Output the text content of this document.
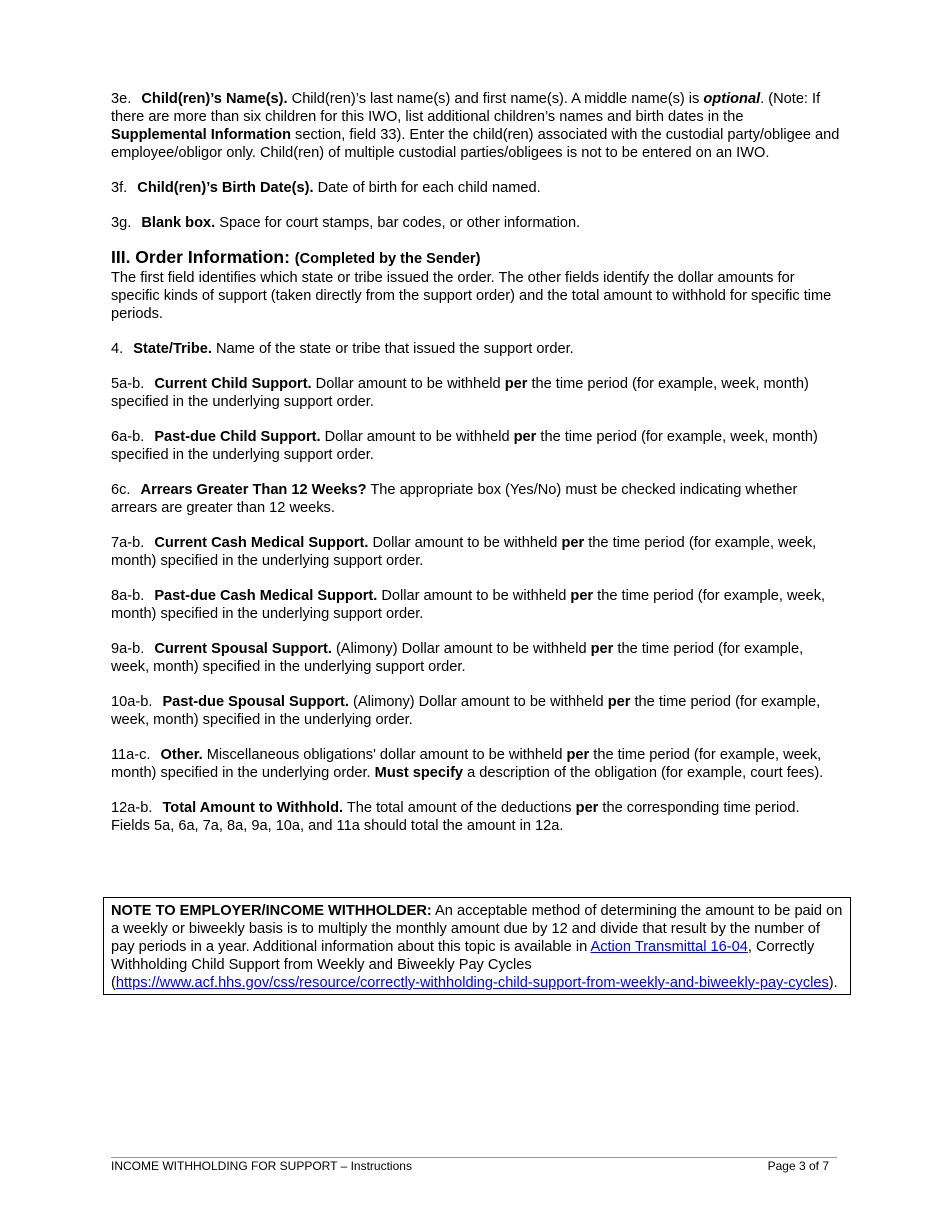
3e. Child(ren)’s Name(s). Child(ren)’s last name(s) and first name(s). A middle name(s) is optional. (Note: If there are more than six children for this IWO, list additional children’s names and birth dates in the Supplemental Information section, field 33). Enter the child(ren) associated with the custodial party/obligee and employee/obligor only. Child(ren) of multiple custodial parties/obligees is not to be entered on an IWO.

3f. Child(ren)’s Birth Date(s). Date of birth for each child named.

3g. Blank box. Space for court stamps, bar codes, or other information.

III. Order Information: (Completed by the Sender)

The first field identifies which state or tribe issued the order. The other fields identify the dollar amounts for specific kinds of support (taken directly from the support order) and the total amount to withhold for specific time periods.

4. State/Tribe. Name of the state or tribe that issued the support order.

5a-b. Current Child Support. Dollar amount to be withheld per the time period (for example, week, month) specified in the underlying support order.

6a-b. Past-due Child Support. Dollar amount to be withheld per the time period (for example, week, month) specified in the underlying support order.

6c. Arrears Greater Than 12 Weeks? The appropriate box (Yes/No) must be checked indicating whether arrears are greater than 12 weeks.

7a-b. Current Cash Medical Support. Dollar amount to be withheld per the time period (for example, week, month) specified in the underlying support order.

8a-b. Past-due Cash Medical Support. Dollar amount to be withheld per the time period (for example, week, month) specified in the underlying support order.

9a-b. Current Spousal Support. (Alimony) Dollar amount to be withheld per the time period (for example, week, month) specified in the underlying support order.

10a-b. Past-due Spousal Support. (Alimony) Dollar amount to be withheld per the time period (for example, week, month) specified in the underlying order.

11a-c. Other. Miscellaneous obligations' dollar amount to be withheld per the time period (for example, week, month) specified in the underlying order. Must specify a description of the obligation (for example, court fees).

12a-b. Total Amount to Withhold. The total amount of the deductions per the corresponding time period. Fields 5a, 6a, 7a, 8a, 9a, 10a, and 11a should total the amount in 12a.

NOTE TO EMPLOYER/INCOME WITHHOLDER: An acceptable method of determining the amount to be paid on a weekly or biweekly basis is to multiply the monthly amount due by 12 and divide that result by the number of pay periods in a year. Additional information about this topic is available in Action Transmittal 16-04, Correctly Withholding Child Support from Weekly and Biweekly Pay Cycles (https://www.acf.hhs.gov/css/resource/correctly-withholding-child-support-from-weekly-and-biweekly-pay-cycles).

INCOME WITHHOLDING FOR SUPPORT – Instructions	Page 3 of 7
